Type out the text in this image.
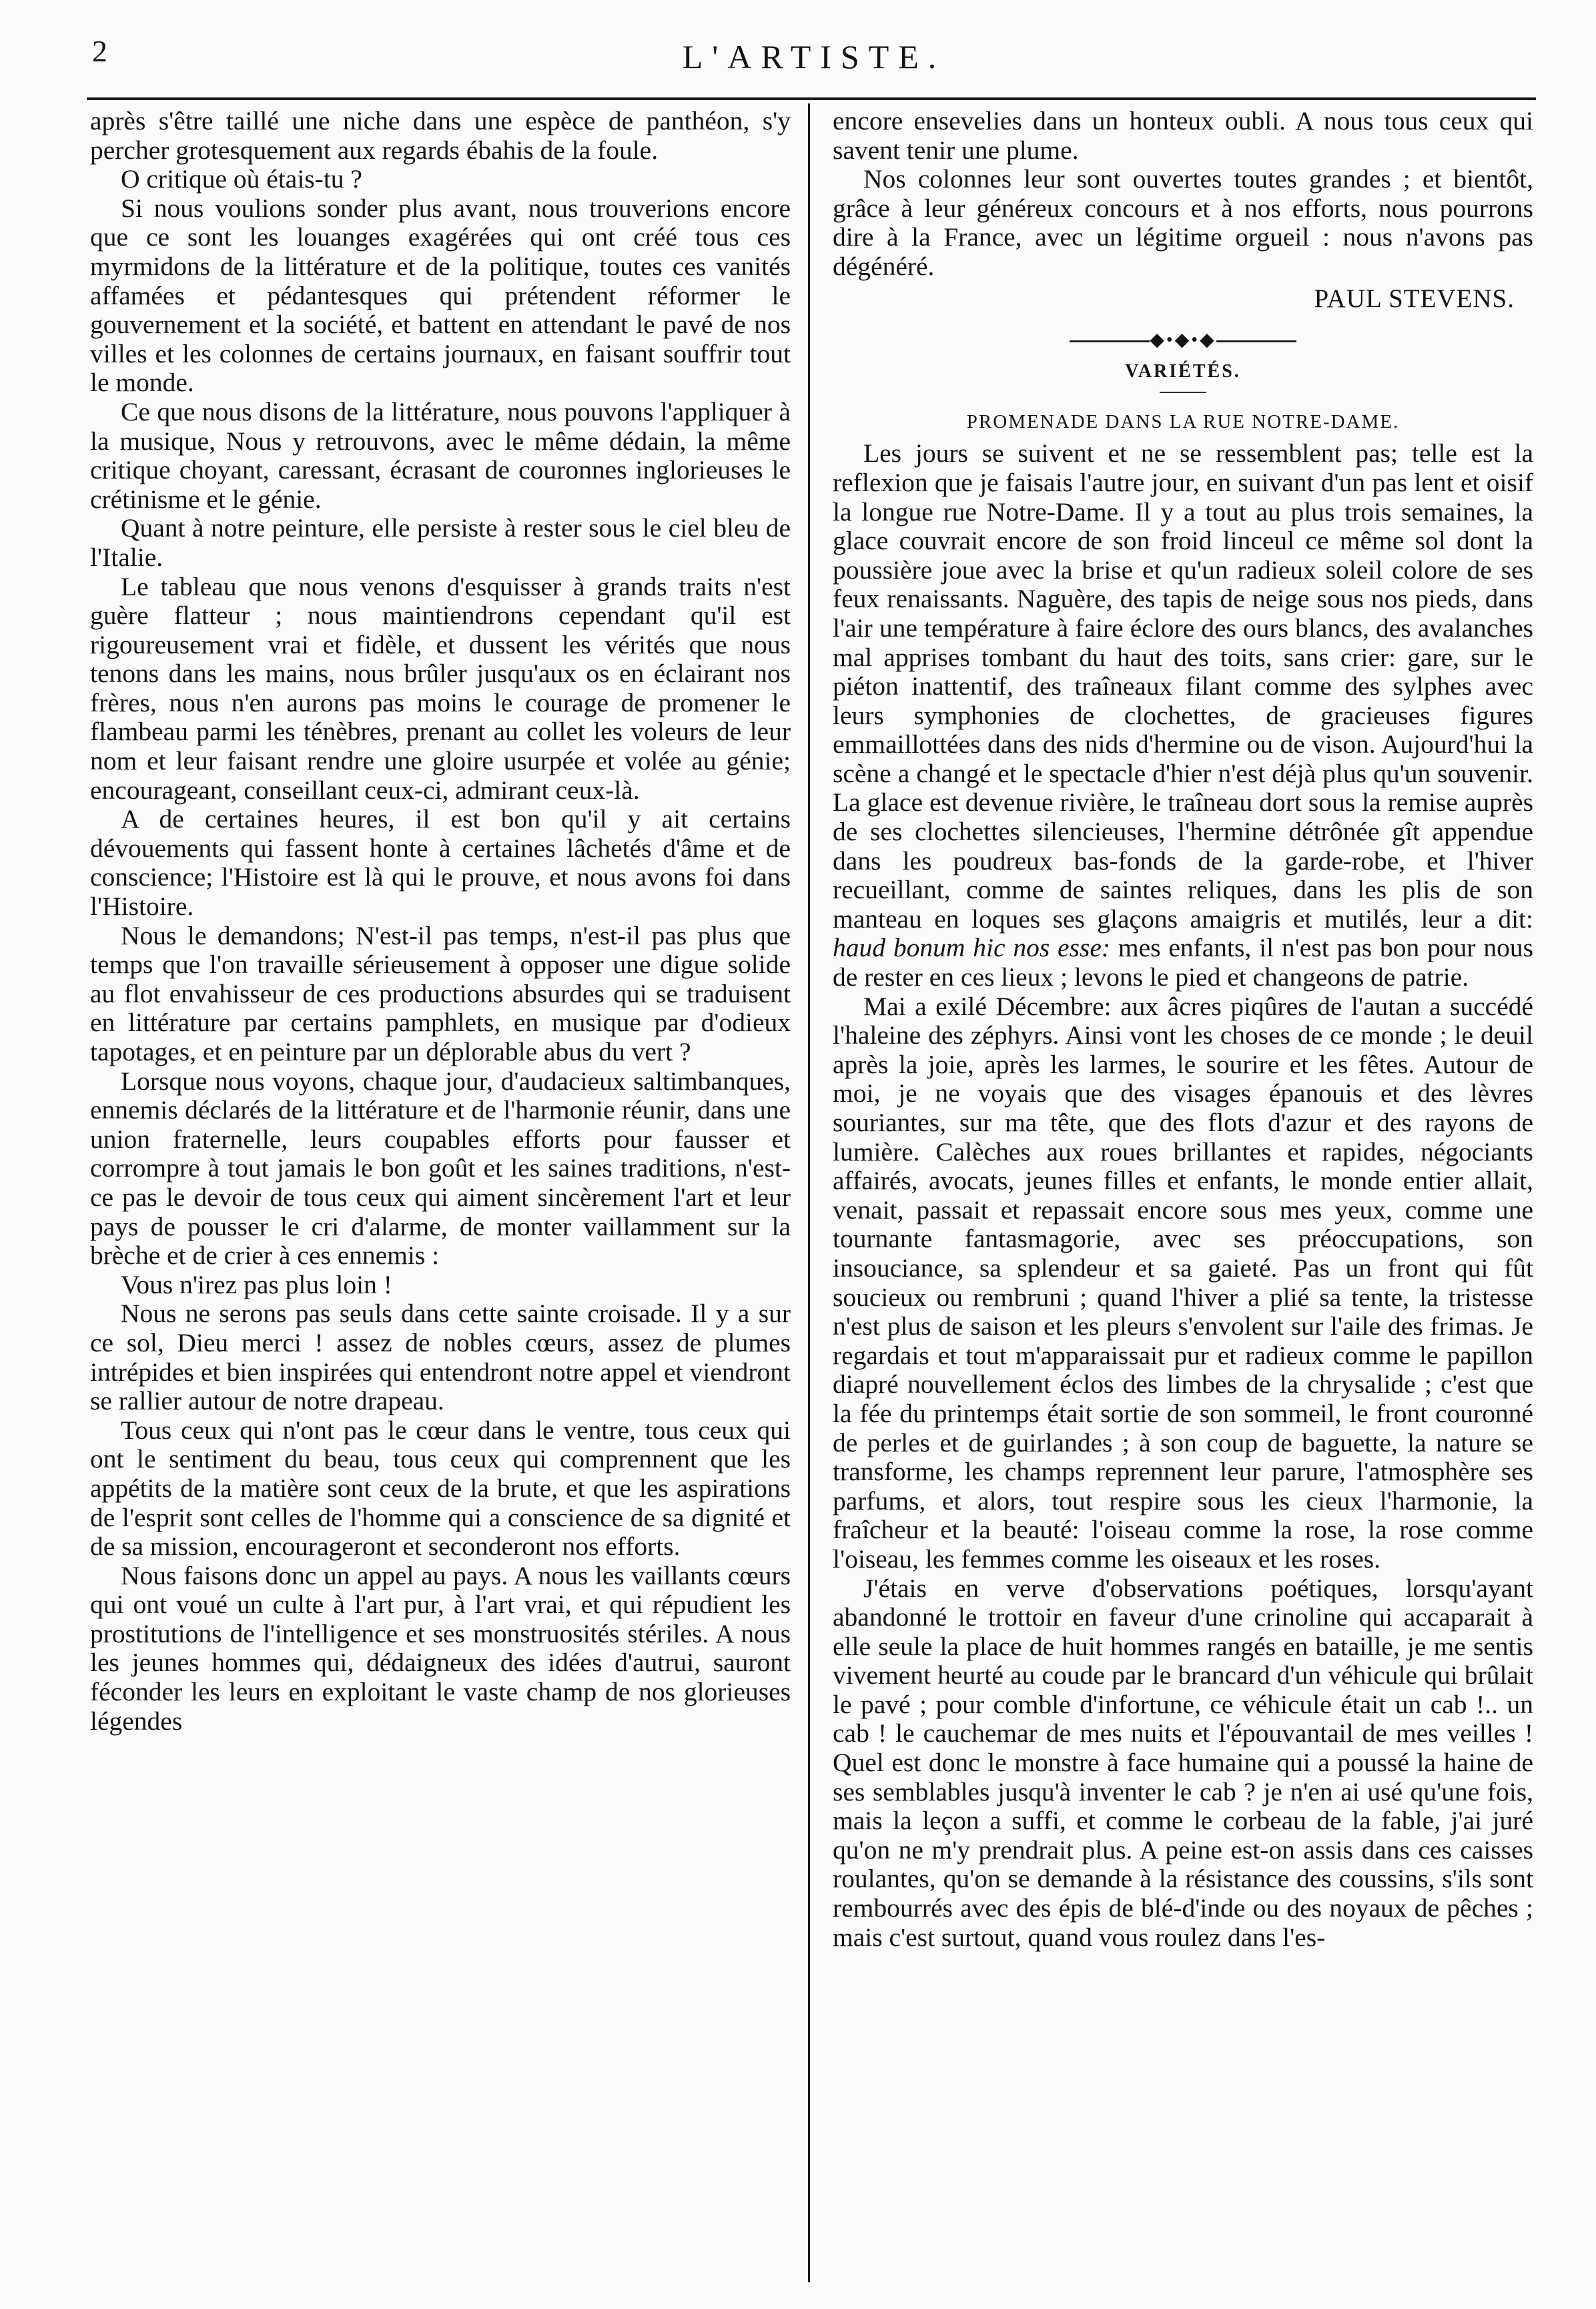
2	L'ARTISTE.

après s'être taillé une niche dans une espèce de panthéon, s'y percher grotesquement aux regards ébahis de la foule.

O critique où étais-tu ?

Si nous voulions sonder plus avant, nous trouverions encore que ce sont les louanges exagérées qui ont créé tous ces myrmidons de la littérature et de la politique, toutes ces vanités affamées et pédantesques qui prétendent réformer le gouvernement et la société, et battent en attendant le pavé de nos villes et les colonnes de certains journaux, en faisant souffrir tout le monde.

Ce que nous disons de la littérature, nous pouvons l'appliquer à la musique, Nous y retrouvons, avec le même dédain, la même critique choyant, caressant, écrasant de couronnes inglorieuses le crétinisme et le génie.

Quant à notre peinture, elle persiste à rester sous le ciel bleu de l'Italie.

Le tableau que nous venons d'esquisser à grands traits n'est guère flatteur ; nous maintiendrons cependant qu'il est rigoureusement vrai et fidèle, et dussent les vérités que nous tenons dans les mains, nous brûler jusqu'aux os en éclairant nos frères, nous n'en aurons pas moins le courage de promener le flambeau parmi les ténèbres, prenant au collet les voleurs de leur nom et leur faisant rendre une gloire usurpée et volée au génie; encourageant, conseillant ceux-ci, admirant ceux-là.

A de certaines heures, il est bon qu'il y ait certains dévouements qui fassent honte à certaines lâchetés d'âme et de conscience; l'Histoire est là qui le prouve, et nous avons foi dans l'Histoire.

Nous le demandons; N'est-il pas temps, n'est-il pas plus que temps que l'on travaille sérieusement à opposer une digue solide au flot envahisseur de ces productions absurdes qui se traduisent en littérature par certains pamphlets, en musique par d'odieux tapotages, et en peinture par un déplorable abus du vert ?

Lorsque nous voyons, chaque jour, d'audacieux saltimbanques, ennemis déclarés de la littérature et de l'harmonie réunir, dans une union fraternelle, leurs coupables efforts pour fausser et corrompre à tout jamais le bon goût et les saines traditions, n'est-ce pas le devoir de tous ceux qui aiment sincèrement l'art et leur pays de pousser le cri d'alarme, de monter vaillamment sur la brèche et de crier à ces ennemis :

Vous n'irez pas plus loin !

Nous ne serons pas seuls dans cette sainte croisade. Il y a sur ce sol, Dieu merci ! assez de nobles cœurs, assez de plumes intrépides et bien inspirées qui entendront notre appel et viendront se rallier autour de notre drapeau.

Tous ceux qui n'ont pas le cœur dans le ventre, tous ceux qui ont le sentiment du beau, tous ceux qui comprennent que les appétits de la matière sont ceux de la brute, et que les aspirations de l'esprit sont celles de l'homme qui a conscience de sa dignité et de sa mission, encourageront et seconderont nos efforts.

Nous faisons donc un appel au pays. A nous les vaillants cœurs qui ont voué un culte à l'art pur, à l'art vrai, et qui répudient les prostitutions de l'intelligence et ses monstruosités stériles. A nous les jeunes hommes qui, dédaigneux des idées d'autrui, sauront féconder les leurs en exploitant le vaste champ de nos glorieuses légendes

encore ensevelies dans un honteux oubli. A nous tous ceux qui savent tenir une plume.

Nos colonnes leur sont ouvertes toutes grandes ; et bientôt, grâce à leur généreux concours et à nos efforts, nous pourrons dire à la France, avec un légitime orgueil : nous n'avons pas dégénéré.

PAUL STEVENS.
◆•◆•◆
VARIÉTÉS.
PROMENADE DANS LA RUE NOTRE-DAME.

Les jours se suivent et ne se ressemblent pas; telle est la reflexion que je faisais l'autre jour, en suivant d'un pas lent et oisif la longue rue Notre-Dame. Il y a tout au plus trois semaines, la glace couvrait encore de son froid linceul ce même sol dont la poussière joue avec la brise et qu'un radieux soleil colore de ses feux renaissants. Naguère, des tapis de neige sous nos pieds, dans l'air une température à faire éclore des ours blancs, des avalanches mal apprises tombant du haut des toits, sans crier: gare, sur le piéton inattentif, des traîneaux filant comme des sylphes avec leurs symphonies de clochettes, de gracieuses figures emmaillottées dans des nids d'hermine ou de vison. Aujourd'hui la scène a changé et le spectacle d'hier n'est déjà plus qu'un souvenir. La glace est devenue rivière, le traîneau dort sous la remise auprès de ses clochettes silencieuses, l'hermine détrônée gît appendue dans les poudreux bas-fonds de la garde-robe, et l'hiver recueillant, comme de saintes reliques, dans les plis de son manteau en loques ses glaçons amaigris et mutilés, leur a dit: haud bonum hic nos esse: mes enfants, il n'est pas bon pour nous de rester en ces lieux ; levons le pied et changeons de patrie.

Mai a exilé Décembre: aux âcres piqûres de l'autan a succédé l'haleine des zéphyrs. Ainsi vont les choses de ce monde ; le deuil après la joie, après les larmes, le sourire et les fêtes. Autour de moi, je ne voyais que des visages épanouis et des lèvres souriantes, sur ma tête, que des flots d'azur et des rayons de lumière. Calèches aux roues brillantes et rapides, négociants affairés, avocats, jeunes filles et enfants, le monde entier allait, venait, passait et repassait encore sous mes yeux, comme une tournante fantasmagorie, avec ses préoccupations, son insouciance, sa splendeur et sa gaieté. Pas un front qui fût soucieux ou rembruni ; quand l'hiver a plié sa tente, la tristesse n'est plus de saison et les pleurs s'envolent sur l'aile des frimas. Je regardais et tout m'apparaissait pur et radieux comme le papillon diapré nouvellement éclos des limbes de la chrysalide ; c'est que la fée du printemps était sortie de son sommeil, le front couronné de perles et de guirlandes ; à son coup de baguette, la nature se transforme, les champs reprennent leur parure, l'atmosphère ses parfums, et alors, tout respire sous les cieux l'harmonie, la fraîcheur et la beauté: l'oiseau comme la rose, la rose comme l'oiseau, les femmes comme les oiseaux et les roses.

J'étais en verve d'observations poétiques, lorsqu'ayant abandonné le trottoir en faveur d'une crinoline qui accaparait à elle seule la place de huit hommes rangés en bataille, je me sentis vivement heurté au coude par le brancard d'un véhicule qui brûlait le pavé ; pour comble d'infortune, ce véhicule était un cab !.. un cab ! le cauchemar de mes nuits et l'épouvantail de mes veilles ! Quel est donc le monstre à face humaine qui a poussé la haine de ses semblables jusqu'à inventer le cab ? je n'en ai usé qu'une fois, mais la leçon a suffi, et comme le corbeau de la fable, j'ai juré qu'on ne m'y prendrait plus. A peine est-on assis dans ces caisses roulantes, qu'on se demande à la résistance des coussins, s'ils sont rembourrés avec des épis de blé-d'inde ou des noyaux de pêches ; mais c'est surtout, quand vous roulez dans l'es-
